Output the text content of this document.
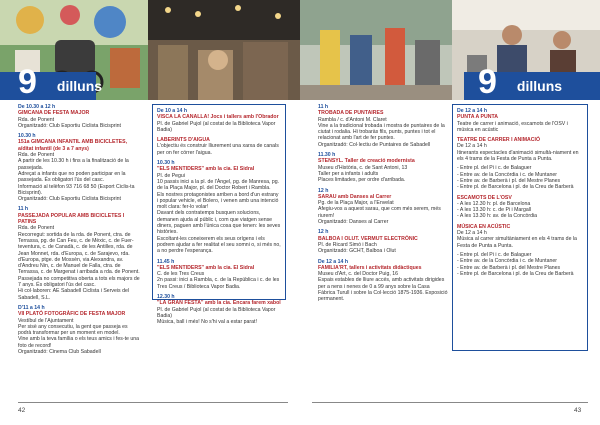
9	dilluns	9	dilluns
De 10.30 a 12 h
GIMCANA DE FESTA MAJOR
Rda. de Ponent
Organitzadó: Club Esportiu Ciclista Bicisprint
10.30 h
151a GIMCANA INFANTIL AMB BICICLETES, a/ditat infantil (de 3 a 7 anys)
Rda. de Ponent
A partir de les 10.30 h i fins a la finalització de la passejada.
Adreçat a infants que no poden participar en la passejada. És obligatori l'ús del casc.
Informació al telèfon 93 716 68 50 (Esport Ciclis-ta Bicisprint).
Organitzadó: Club Esportiu Ciclista Bicisprint
11 h
PASSEJADA POPULAR AMB BICICLETES I PATINS
Rda. de Ponent
Recorregut: sortida de la rda. de Ponent, ctra. de Terrassa, pg. de Can Feu, c. de Mèxic, c. de Fuer-teventura, c. de Canadà, c. de les Antilles, rda. de Jean Monnet, rda. d'Europa, c. de Sarajevo, rda. d'Europa, ptge. de Mossèn, via Alexandra, av. d'Andreu Nin, c. de Manuel de Falla, ctra. de Terrassa, c. de Margenat i arribada a rda. de Ponent.
Passejada no competitiva oberta a tots els majors de 7 anys. És obligatori l'ús del casc.
Hi col·laboren: AE Sabadell Ciclista i Serveis del Sabadell, S.L.
D'11 a 14 h
VII PLATÓ FOTOGRÀFIC DE FESTA MAJOR
Vestíbul de l'Ajuntament
Per sisè any consecutiu, la gent que passeja es podrà transformar per un moment en model.
Vine amb la teva família o els teus amics i fes-te una foto de record!
Organitzadó: Cinema Club Sabadell
De 10 a 14 h
VISCA LA CANALLA! Jocs i tallers amb l'Obrador
Pl. de Gabriel Pujol (al costat de la Biblioteca Vapor Badia)
LABERINTS D'AIGUA
L'objectiu és construir lliurement una xarxa de canals per on fer córrer l'aigua.
10.30 h
"ELS MENTIDERS" amb la cia. El Sidral
Pl. de Pegui
10 passis inici a la pl. de l'Àngel, pg. de Manresa, pg. de la Plaça Major, pl. del Doctor Robert i Rambla.
Els nostres protagonistes arriben a bord d'un estrany i popular vehicle, el Bolero, i venen amb una intenció molt clara: fer-lo volar!
Davant dels contratemps busquen solucions, demanen ajuda al públic i, com que viatgen sense diners, paguen amb l'única cosa que tenen: les seves històries.
Escoltant-les coneixerem els seus orígens i els podrem ajudar a fer realitat el seu somni o, si més no, a no perdre l'esperança.
11.45 h
"ELS MENTIDERS" amb la cia. El Sidral
C. de les Tres Creus
2n passi: inici a Rambla, c. de la República i c. de les Tres Creus / Biblioteca Vapor Badia.
12.30 h
"LA GRAN FESTA" amb la cia. Encara farem xabol
Pl. de Gabriel Pujol (al costat de la Biblioteca Vapor Badia)
Música, ball i més! No s'hi val a estar parat!
11 h
TROBADA DE PUNTAIRES
Rambla / c. d'Antoni M. Claret
Vine a la tradicional trobada i mostra de puntaires de la ciutat i rodalia. Hi trobaràs fils, punts, puntes i tot el relacionat amb l'art de fer puntes.
Organitzadó: Col·lectiu de Puntaires de Sabadell
11.30 h
STENSYL. Taller de creació modernista
Museu d'Història, c. de Sant Antoni, 13
Taller per a infants i adults
Places limitades, per ordre d'arribada.
12 h
SARAU amb Danses al Carrer
Pg. de la Plaça Major, a l'Envelat
Afegiu-vos a aquest sarau, que com més serem, més riurem!
Organitzadó: Danses al Carrer
12 h
BALBOA I OLUT. VERMUT ELECTRÒNIC
Pl. de Ricard Simó i Bach
Organitzadó: GCHT, Balboa i Olut
De 12 a 14 h
FAMILIA'RT, tallers i activitats didàctiques
Museu d'Art, c. del Doctor Puig, 16
Espais estables de lliure accés, amb activitats dirigides per a nens i nenes de 0 a 99 anys sobre la Casa Fàbrica Turull i sobre la Col·lecció 1875-1936. Exposició permanent.
De 12 a 14 h
PUNTA A PUNTA
Teatre de carrer i animació, escamots de l'OSV i música en acústic
TEATRE DE CARRER I ANIMACIÓ
De 12 a 14 h
Itinerants espectacles d'animació simultà-niament en els 4 trams de la Festa de Punta a Punta.
- Entre pl. del Pi i c. de Balaguer
- Entre av. de la Concòrdia i c. de Muntaner
- Entre av. de Barberà i pl. del Mestre Planes
- Entre pl. de Barcelona i pl. de la Creu de Barberà
ESCAMOTS DE L'OSV
- A les 12.30 h: pl. de Barcelona
- A les 13.30 h: c. de Pi i Margall
- A les 13.30 h: av. de la Concòrdia
MÚSICA EN ACÚSTIC
De 12 a 14 h
Música al carrer simultàniament en els 4 trams de la Festa de Punta a Punta.
- Entre pl. del Pi i c. de Balaguer
- Entre av. de la Concòrdia i c. de Muntaner
- Entre av. de Barberà i pl. del Mestre Planes
- Entre pl. de Barcelona i pl. de la Creu de Barberà
42	43
